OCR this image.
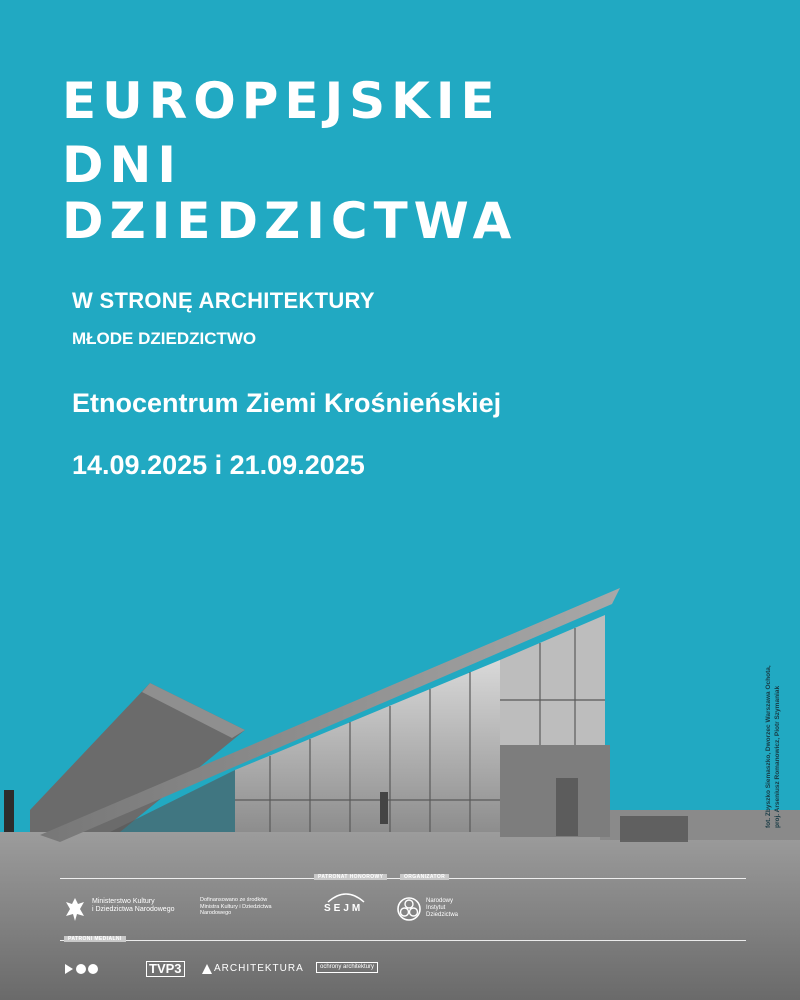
EUROPEJSKIE
DNI
DZIEDZICTWA
W STRONĘ ARCHITEKTURY
MŁODE DZIEDZICTWO
Etnocentrum Ziemi Krośnieńskiej
14.09.2025 i 21.09.2025
fot. Zbyszko Siemaszko, Dworzec Warszawa Ochota, proj. Arseniusz Romanowicz, Piotr Szymaniak
PATRONAT HONOROWY	ORGANIZATOR
Ministerstwo Kultury
i Dziedzictwa Narodowego
Dofinansowano ze środków
Ministra Kultury i Dziedzictwa
Narodowego	SEJM
Narodowy
Instytut
Dziedzictwa
PATRONI MEDIALNI
TVP3	ARCHITEKTURA	ochrony architektury
